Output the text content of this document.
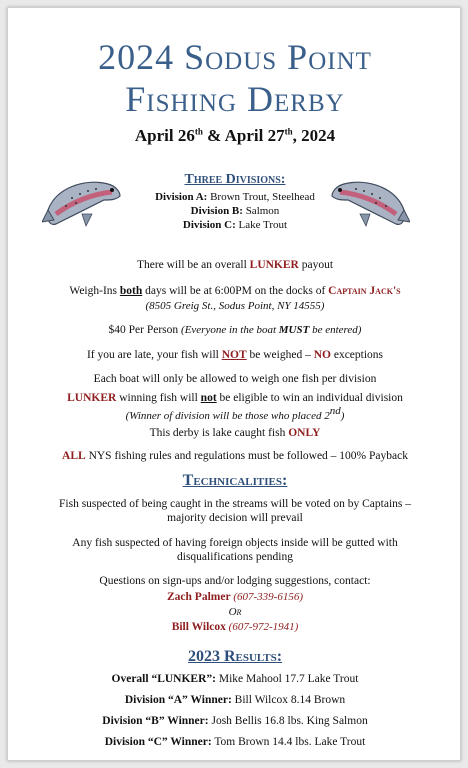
2024 Sodus Point
Fishing Derby
April 26th & April 27th, 2024
Three Divisions:
Division A: Brown Trout, Steelhead
Division B: Salmon
Division C: Lake Trout
There will be an overall LUNKER payout
Weigh-Ins both days will be at 6:00PM on the docks of Captain Jack's
(8505 Greig St., Sodus Point, NY 14555)
$40 Per Person (Everyone in the boat MUST be entered)
If you are late, your fish will NOT be weighed – NO exceptions
Each boat will only be allowed to weigh one fish per division
LUNKER winning fish will not be eligible to win an individual division
(Winner of division will be those who placed 2nd)
This derby is lake caught fish ONLY
ALL NYS fishing rules and regulations must be followed – 100% Payback
Technicalities:
Fish suspected of being caught in the streams will be voted on by Captains –
majority decision will prevail
Any fish suspected of having foreign objects inside will be gutted with
disqualifications pending
Questions on sign-ups and/or lodging suggestions, contact:
Zach Palmer (607-339-6156)
Or
Bill Wilcox (607-972-1941)
2023 Results:
Overall “LUNKER”: Mike Mahool 17.7 Lake Trout
Division “A” Winner: Bill Wilcox 8.14 Brown
Division “B” Winner: Josh Bellis 16.8 lbs. King Salmon
Division “C” Winner: Tom Brown 14.4 lbs. Lake Trout
